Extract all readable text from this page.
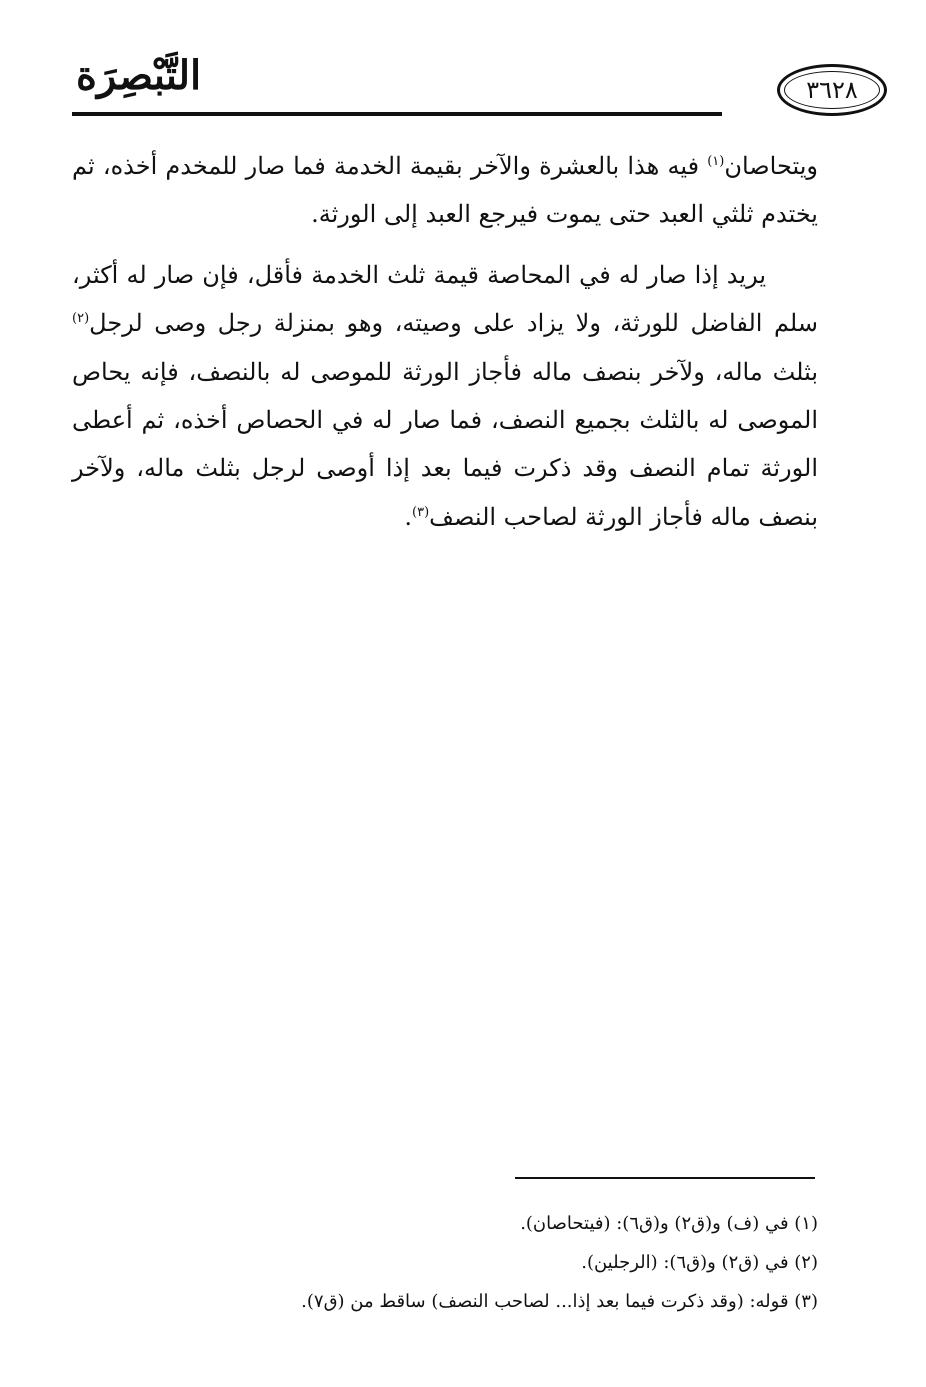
٣٦٢٨
التَّبْصِرَة

ويتحاصان$^{(١)}$ فيه هذا بالعشرة والآخر بقيمة الخدمة فما صار للمخدم أخذه، ثم يختدم ثلثي العبد حتى يموت فيرجع العبد إلى الورثة.

يريد إذا صار له في المحاصة قيمة ثلث الخدمة فأقل، فإن صار له أكثر، سلم الفاضل للورثة، ولا يزاد على وصيته، وهو بمنزلة رجل وصى لرجل$^{(٢)}$ بثلث ماله، ولآخر بنصف ماله فأجاز الورثة للموصى له بالنصف، فإنه يحاص الموصى له بالثلث بجميع النصف، فما صار له في الحصاص أخذه، ثم أعطى الورثة تمام النصف وقد ذكرت فيما بعد إذا أوصى لرجل بثلث ماله، ولآخر بنصف ماله فأجاز الورثة لصاحب النصف$^{(٣)}$.

(١) في (ف) و(ق٢) و(ق٦): (فيتحاصان).

(٢) في (ق٢) و(ق٦): (الرجلين).

(٣) قوله: (وقد ذكرت فيما بعد إذا... لصاحب النصف) ساقط من (ق٧).
